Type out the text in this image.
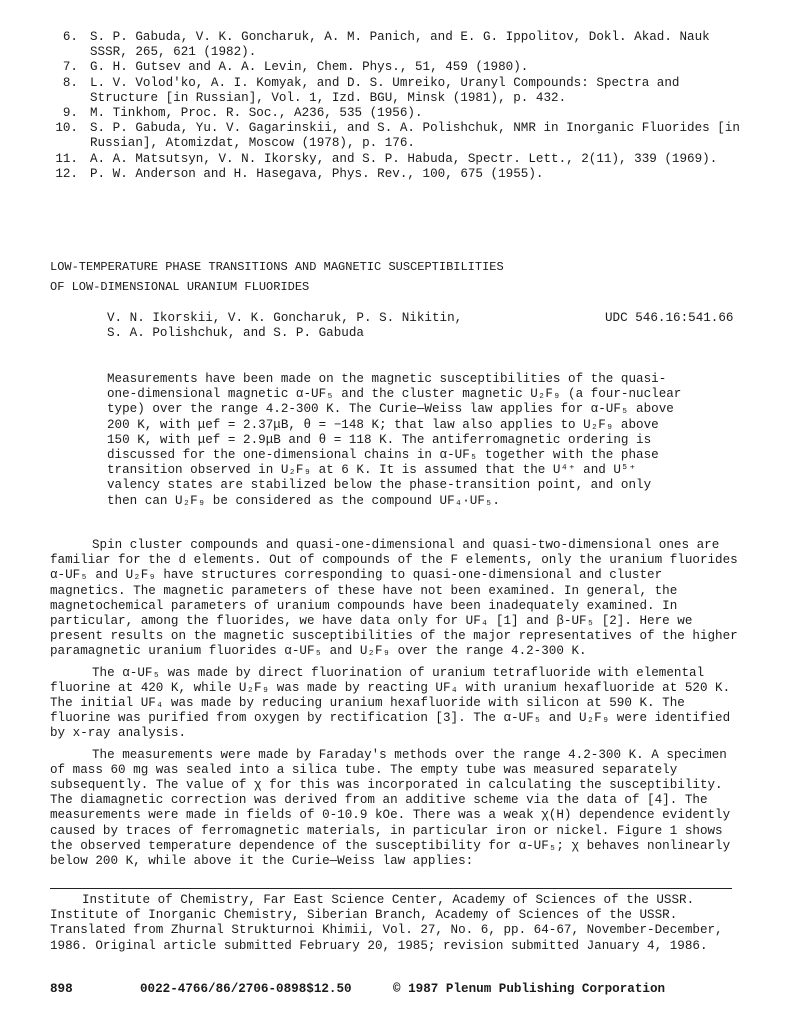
6. S. P. Gabuda, V. K. Goncharuk, A. M. Panich, and E. G. Ippolitov, Dokl. Akad. Nauk SSSR, 265, 621 (1982).
7. G. H. Gutsev and A. A. Levin, Chem. Phys., 51, 459 (1980).
8. L. V. Volod'ko, A. I. Komyak, and D. S. Umreiko, Uranyl Compounds: Spectra and Structure [in Russian], Vol. 1, Izd. BGU, Minsk (1981), p. 432.
9. M. Tinkhom, Proc. R. Soc., A236, 535 (1956).
10. S. P. Gabuda, Yu. V. Gagarinskii, and S. A. Polishchuk, NMR in Inorganic Fluorides [in Russian], Atomizdat, Moscow (1978), p. 176.
11. A. A. Matsutsyn, V. N. Ikorsky, and S. P. Habuda, Spectr. Lett., 2(11), 339 (1969).
12. P. W. Anderson and H. Hasegava, Phys. Rev., 100, 675 (1955).
LOW-TEMPERATURE PHASE TRANSITIONS AND MAGNETIC SUSCEPTIBILITIES
OF LOW-DIMENSIONAL URANIUM FLUORIDES
V. N. Ikorskii, V. K. Goncharuk, P. S. Nikitin,
S. A. Polishchuk, and S. P. Gabuda
UDC 546.16:541.66
Measurements have been made on the magnetic susceptibilities of the quasi-one-dimensional magnetic α-UF₅ and the cluster magnetic U₂F₉ (a four-nuclear type) over the range 4.2-300 K. The Curie—Weiss law applies for α-UF₅ above 200 K, with μef = 2.37μB, θ = −148 K; that law also applies to U₂F₉ above 150 K, with μef = 2.9μB and θ = 118 K. The antiferromagnetic ordering is discussed for the one-dimensional chains in α-UF₅ together with the phase transition observed in U₂F₉ at 6 K. It is assumed that the U⁴⁺ and U⁵⁺ valency states are stabilized below the phase-transition point, and only then can U₂F₉ be considered as the compound UF₄·UF₅.

Spin cluster compounds and quasi-one-dimensional and quasi-two-dimensional ones are familiar for the d elements. Out of compounds of the F elements, only the uranium fluorides α-UF₅ and U₂F₉ have structures corresponding to quasi-one-dimensional and cluster magnetics. The magnetic parameters of these have not been examined. In general, the magnetochemical parameters of uranium compounds have been inadequately examined. In particular, among the fluorides, we have data only for UF₄ [1] and β-UF₅ [2]. Here we present results on the magnetic susceptibilities of the major representatives of the higher paramagnetic uranium fluorides α-UF₅ and U₂F₉ over the range 4.2-300 K.

The α-UF₅ was made by direct fluorination of uranium tetrafluoride with elemental fluorine at 420 K, while U₂F₉ was made by reacting UF₄ with uranium hexafluoride at 520 K. The initial UF₄ was made by reducing uranium hexafluoride with silicon at 590 K. The fluorine was purified from oxygen by rectification [3]. The α-UF₅ and U₂F₉ were identified by x-ray analysis.

The measurements were made by Faraday's methods over the range 4.2-300 K. A specimen of mass 60 mg was sealed into a silica tube. The empty tube was measured separately subsequently. The value of χ for this was incorporated in calculating the susceptibility. The diamagnetic correction was derived from an additive scheme via the data of [4]. The measurements were made in fields of 0-10.9 kOe. There was a weak χ(H) dependence evidently caused by traces of ferromagnetic materials, in particular iron or nickel. Figure 1 shows the observed temperature dependence of the susceptibility for α-UF₅; χ behaves nonlinearly below 200 K, while above it the Curie—Weiss law applies:

Institute of Chemistry, Far East Science Center, Academy of Sciences of the USSR. Institute of Inorganic Chemistry, Siberian Branch, Academy of Sciences of the USSR. Translated from Zhurnal Strukturnoi Khimii, Vol. 27, No. 6, pp. 64-67, November-December, 1986. Original article submitted February 20, 1985; revision submitted January 4, 1986.
898	0022-4766/86/2706-0898$12.50	© 1987 Plenum Publishing Corporation
